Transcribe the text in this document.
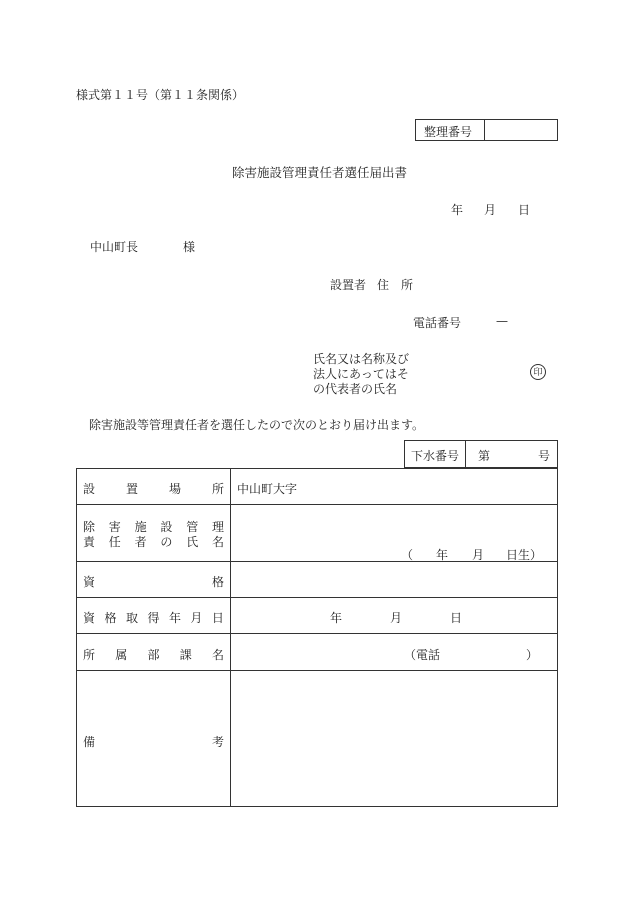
様式第１１号（第１１条関係）
整理番号
除害施設管理責任者選任届出書
年 月 日
中山町長	様
設置者 住　所
電話番号	—
氏名又は名称及び
法人にあってはそ
の代表者の氏名
印
除害施設等管理責任者を選任したので次のとおり届け出ます。
下水番号 第	号
設	置	場	所 中山町大字
除 害 施 設 管 理
責 任 者 の 氏 名
（ 年 月 日生）
資	格
資 格 取 得 年 月 日	年	月	日
所 属 部 課 名	（電話	）
備	考
